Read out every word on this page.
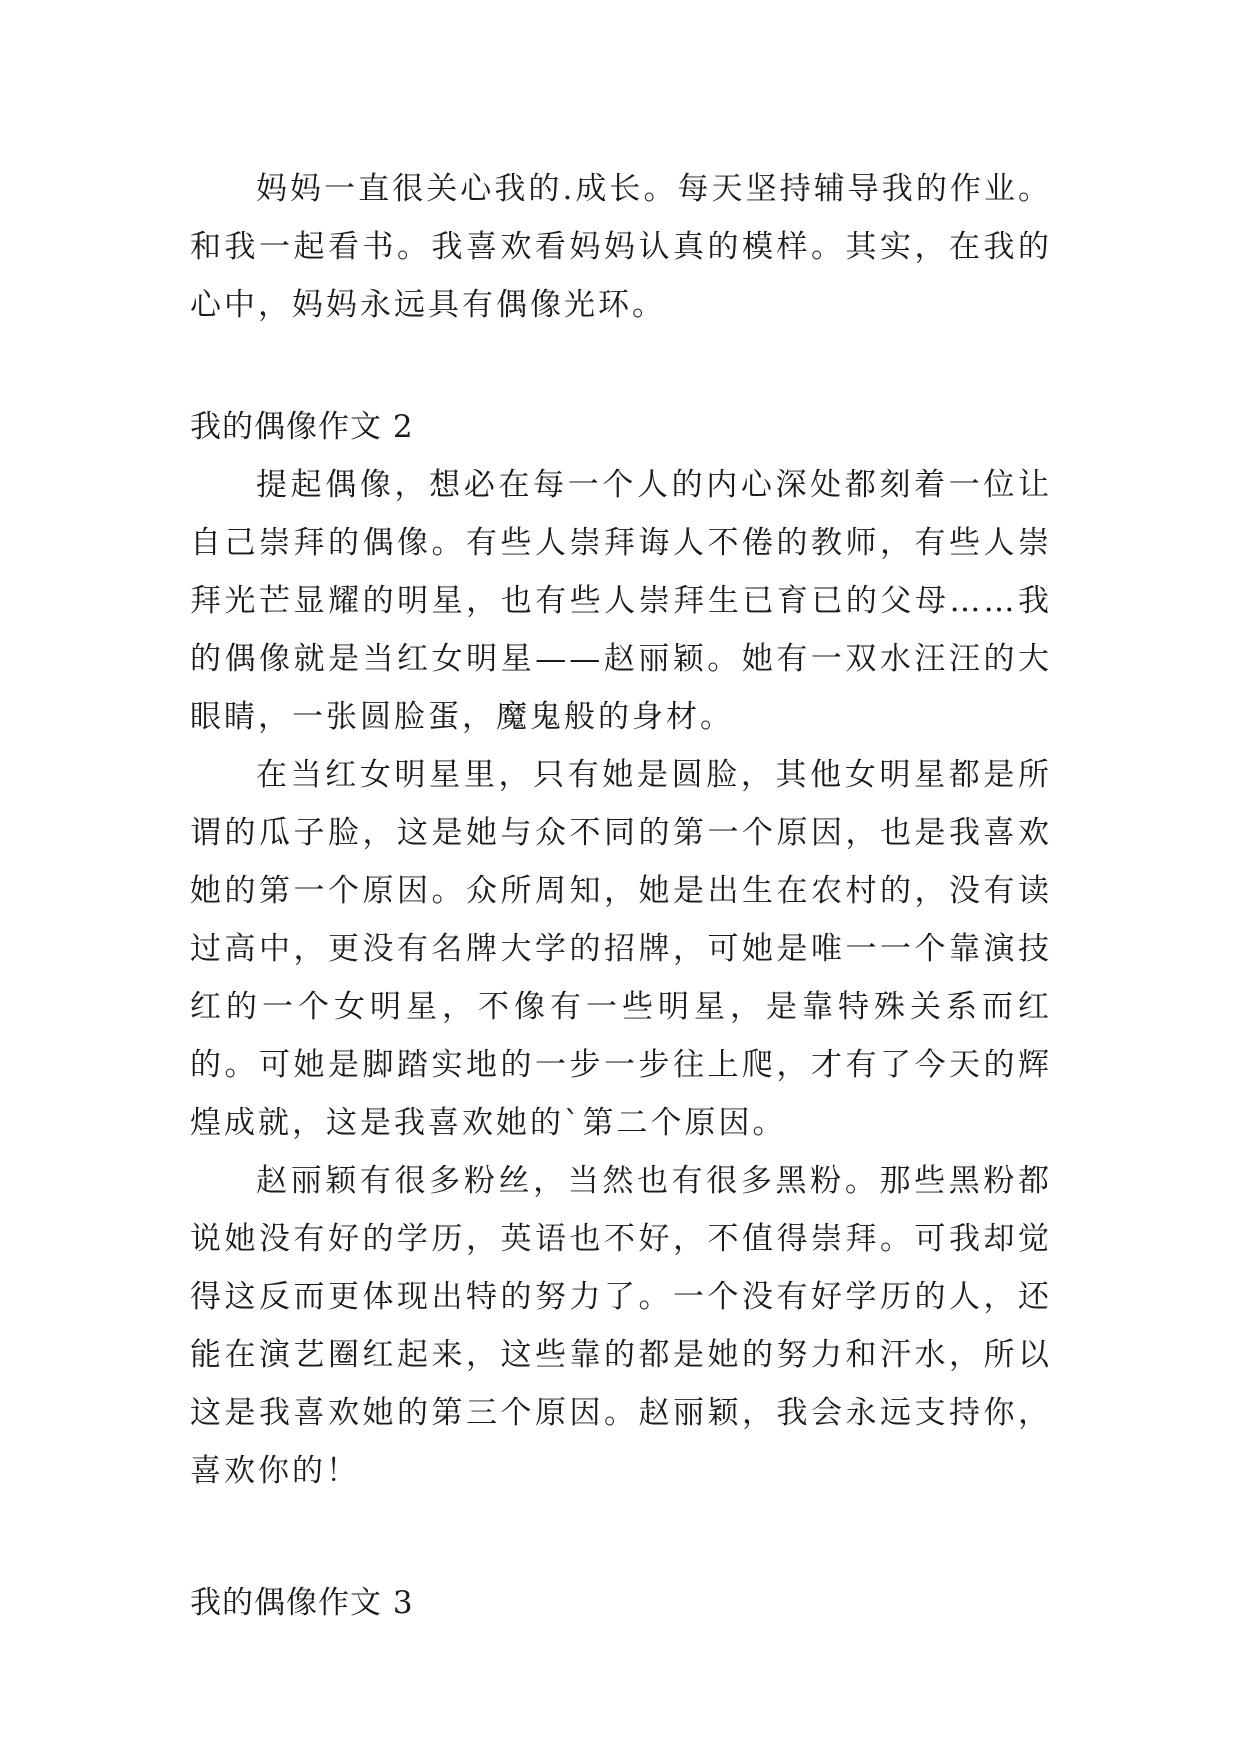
妈妈一直很关心我的.成长。每天坚持辅导我的作业。和我一起看书。我喜欢看妈妈认真的模样。其实，在我的心中，妈妈永远具有偶像光环。

我的偶像作文 2

提起偶像，想必在每一个人的内心深处都刻着一位让自己崇拜的偶像。有些人崇拜诲人不倦的教师，有些人崇拜光芒显耀的明星，也有些人崇拜生已育已的父母……我的偶像就是当红女明星——赵丽颖。她有一双水汪汪的大眼睛，一张圆脸蛋，魔鬼般的身材。

在当红女明星里，只有她是圆脸，其他女明星都是所谓的瓜子脸，这是她与众不同的第一个原因，也是我喜欢她的第一个原因。众所周知，她是出生在农村的，没有读过高中，更没有名牌大学的招牌，可她是唯一一个靠演技红的一个女明星，不像有一些明星，是靠特殊关系而红的。可她是脚踏实地的一步一步往上爬，才有了今天的辉煌成就，这是我喜欢她的`第二个原因。

赵丽颖有很多粉丝，当然也有很多黑粉。那些黑粉都说她没有好的学历，英语也不好，不值得崇拜。可我却觉得这反而更体现出特的努力了。一个没有好学历的人，还能在演艺圈红起来，这些靠的都是她的努力和汗水，所以这是我喜欢她的第三个原因。赵丽颖，我会永远支持你，喜欢你的！

我的偶像作文 3
